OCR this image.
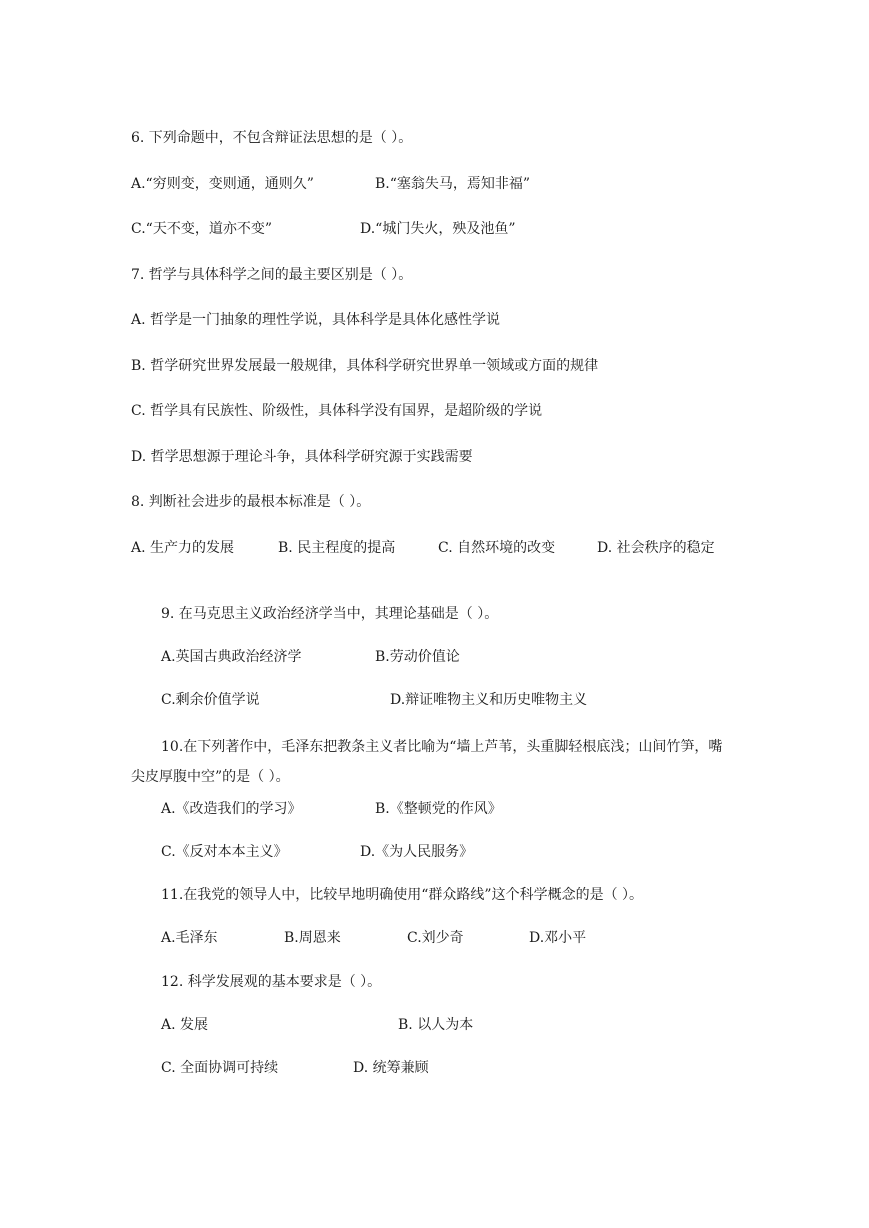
6. 下列命题中，不包含辩证法思想的是（ ）。
A.“穷则变，变则通，通则久”	B.“塞翁失马，焉知非福”
C.“天不变，道亦不变”	D.“城门失火，殃及池鱼”
7. 哲学与具体科学之间的最主要区别是（ ）。
A. 哲学是一门抽象的理性学说，具体科学是具体化感性学说
B. 哲学研究世界发展最一般规律，具体科学研究世界单一领域或方面的规律
C. 哲学具有民族性、阶级性，具体科学没有国界，是超阶级的学说
D. 哲学思想源于理论斗争，具体科学研究源于实践需要
8. 判断社会进步的最根本标准是（ ）。
A. 生产力的发展	B. 民主程度的提高	C. 自然环境的改变	D. 社会秩序的稳定
9. 在马克思主义政治经济学当中，其理论基础是（ ）。
A.英国古典政治经济学	B.劳动价值论
C.剩余价值学说	D.辩证唯物主义和历史唯物主义
10.在下列著作中，毛泽东把教条主义者比喻为“墙上芦苇，头重脚轻根底浅；山间竹笋，嘴尖皮厚腹中空”的是（ ）。
A.《改造我们的学习》	B.《整顿党的作风》
C.《反对本本主义》	D.《为人民服务》
11.在我党的领导人中，比较早地明确使用“群众路线”这个科学概念的是（ ）。
A.毛泽东	B.周恩来	C.刘少奇	D.邓小平
12. 科学发展观的基本要求是（ ）。
A. 发展	B. 以人为本
C. 全面协调可持续	D. 统筹兼顾
